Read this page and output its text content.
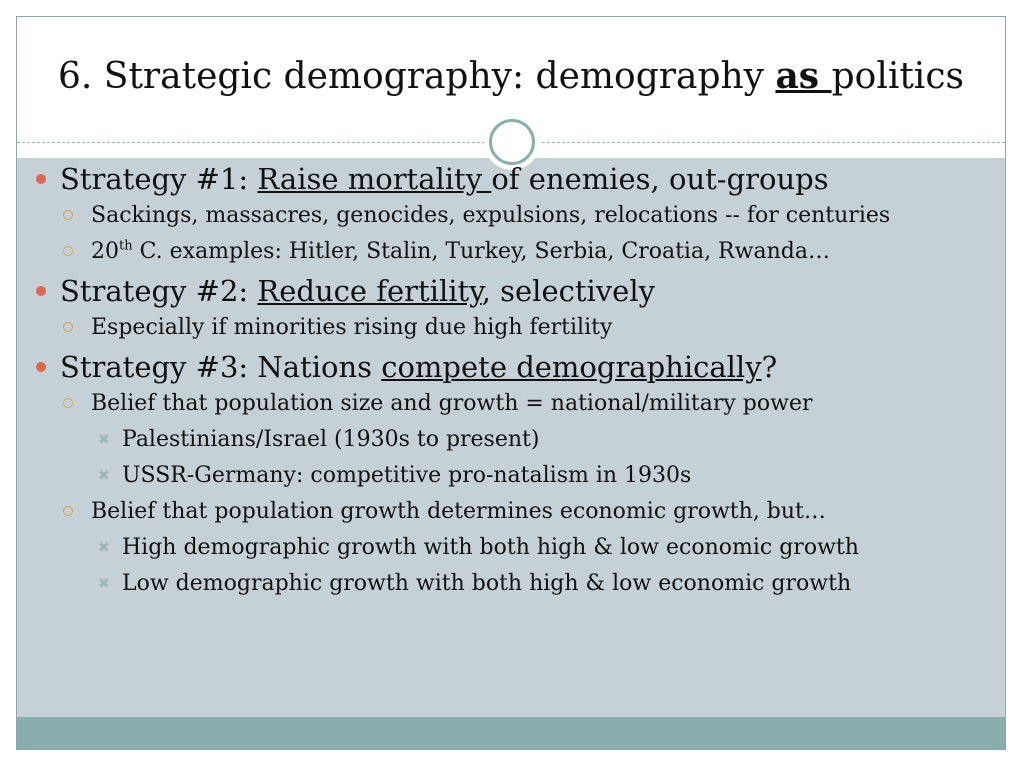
6. Strategic demography: demography as politics
Strategy #1: Raise mortality of enemies, out-groups
Sackings, massacres, genocides, expulsions, relocations -- for centuries
20th C. examples: Hitler, Stalin, Turkey, Serbia, Croatia, Rwanda…
Strategy #2: Reduce fertility, selectively
Especially if minorities rising due high fertility
Strategy #3: Nations compete demographically?
Belief that population size and growth = national/military power
✖ Palestinians/Israel (1930s to present)
✖ USSR-Germany: competitive pro-natalism in 1930s
Belief that population growth determines economic growth, but…
✖ High demographic growth with both high & low economic growth
✖ Low demographic growth with both high & low economic growth
